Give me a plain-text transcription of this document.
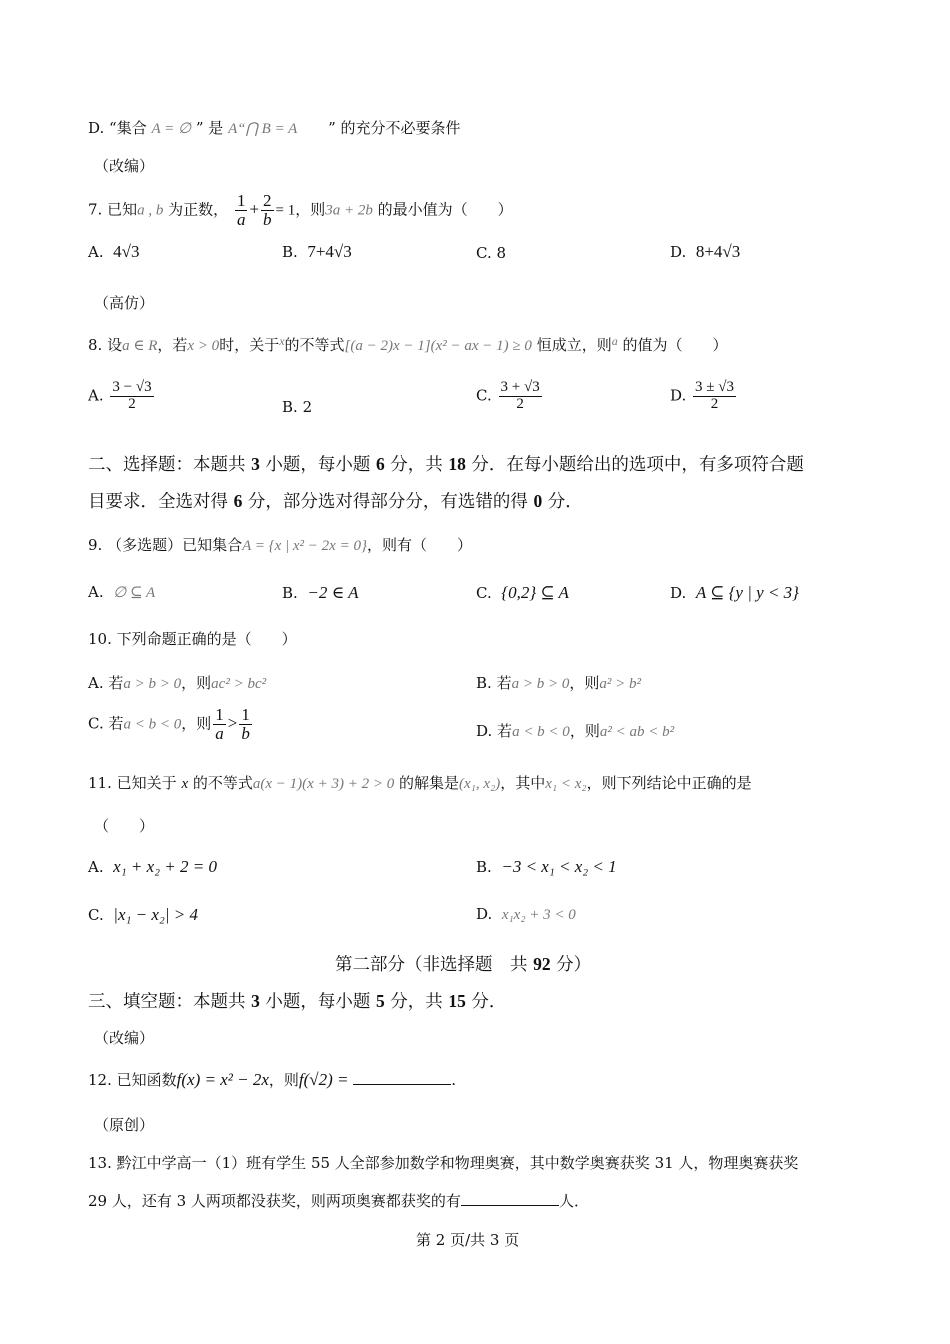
D. “集合 A = ∅ ” 是 A“⋂ B = A ” 的充分不必要条件
（改编）
7. 已知a , b 为正数， $\frac{1}{a} + \frac{2}{b} = 1$，则3a + 2b 的最小值为（　　）
A. 4√3	B. 7+4√3	C. 8	D. 8+4√3
（高仿）
8. 设a ∈ R，若x > 0时，关于$^x$的不等式[(a − 2)x − 1](x² − ax − 1) ≥ 0 恒成立，则$^a$ 的值为（　　）
A. $\frac{3 - √3}{2}$	B. 2
C. $\frac{3 + √3}{2}$	D. $\frac{3 \pm √3}{2}$
二、选择题：本题共 3 小题，每小题 6 分，共 18 分．在每小题给出的选项中，有多项符合题
目要求．全选对得 6 分，部分选对得部分分，有选错的得 0 分．
9. （多选题）已知集合A = {x | x² − 2x = 0}，则有（　　）
A. ∅ ⊆ A	B. −2 ∈ A	C. {0,2} ⊆ A	D. A ⊆ {y | y < 3}
10. 下列命题正确的是（　　）
A. 若a > b > 0，则ac² > bc²	B. 若a > b > 0，则a² > b²
C. 若a < b < 0，则 $\frac{1}{a} > \frac{1}{b}$	D. 若a < b < 0，则a² < ab < b²
11. 已知关于 x 的不等式a(x − 1)(x + 3) + 2 > 0 的解集是(x₁, x₂)，其中x₁ < x₂，则下列结论中正确的是
（　　）
A. x₁ + x₂ + 2 = 0	B. −3 < x₁ < x₂ < 1
C. |x₁ − x₂| > 4	D. x₁x₂ + 3 < 0
第二部分（非选择题　共 92 分）
三、填空题：本题共 3 小题，每小题 5 分，共 15 分．
（改编）
12. 已知函数f(x) = x² − 2x，则f(√2) =	.
（原创）
13. 黔江中学高一（1）班有学生 55 人全部参加数学和物理奥赛，其中数学奥赛获奖 31 人，物理奥赛获奖
29 人，还有 3 人两项都没获奖，则两项奥赛都获奖的有	人．
第 2 页/共 3 页
